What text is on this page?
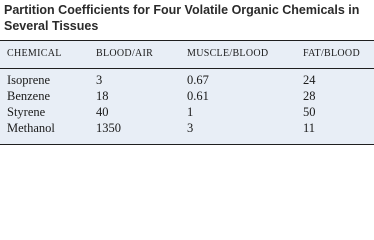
Partition Coefficients for Four Volatile Organic Chemicals in Several Tissues
CHEMICAL	BLOOD/AIR	MUSCLE/BLOOD	FAT/BLOOD
Isoprene	3	0.67	24
Benzene	18	0.61	28
Styrene	40	1	50
Methanol	1350	3	11
